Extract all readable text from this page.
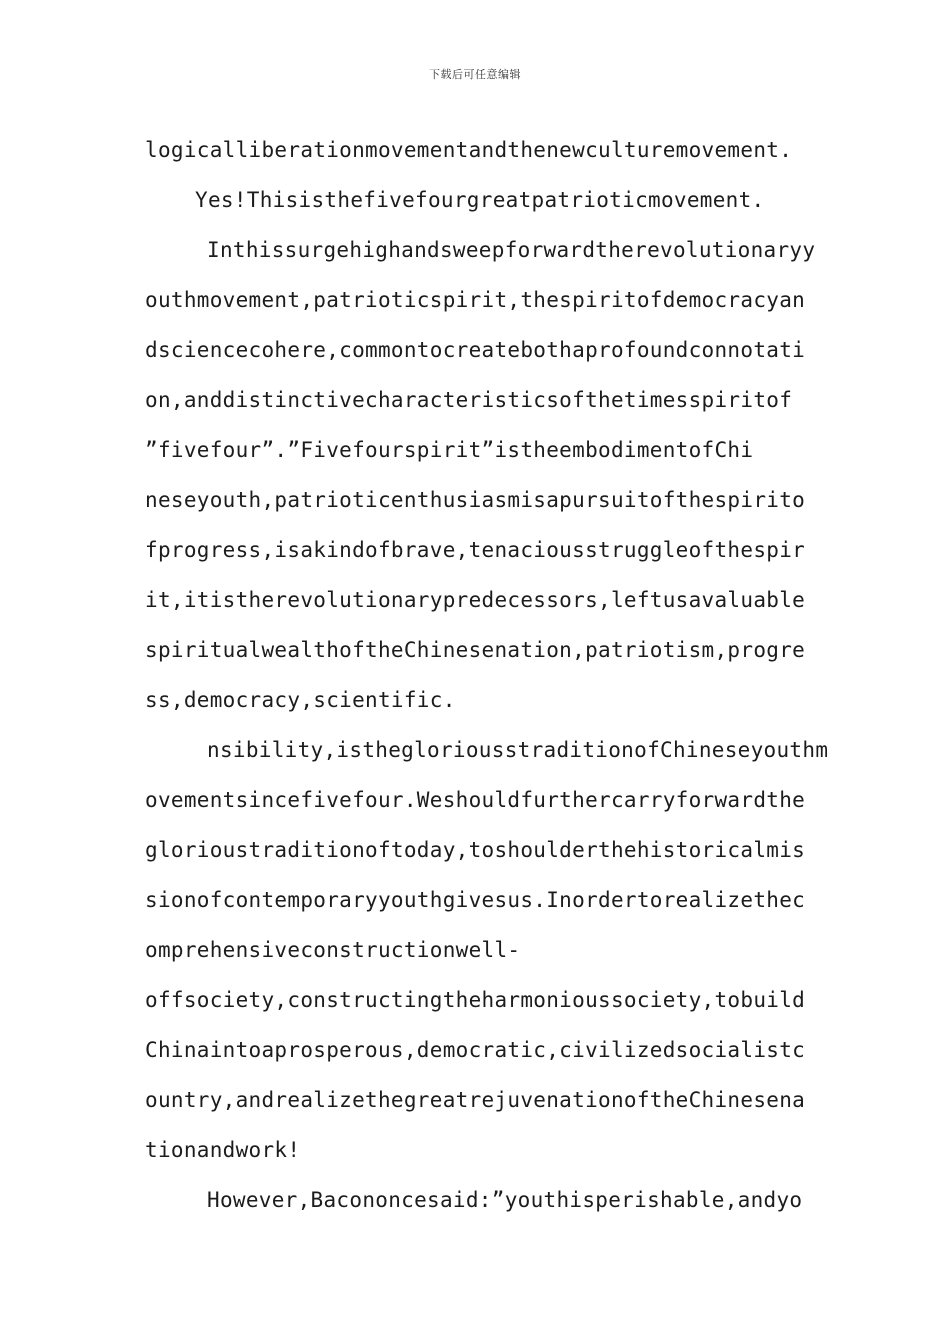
下载后可任意编辑
logicalliberationmovementandthenewculturemovement.
Yes!Thisisthefivefourgreatpatrioticmovement.
Inthissurgehighandsweepforwardtherevolutionaryy
outhmovement,patrioticspirit,thespiritofdemocracyan
dsciencecohere,commontocreatebothaprofoundconnotati
on,anddistinctivecharacteristicsofthetimesspiritof
”fivefour”.”Fivefourspirit”istheembodimentofChi
neseyouth,patrioticenthusiasmisapursuitofthespirito
fprogress,isakindofbrave,tenaciousstruggleofthespir
it,itistherevolutionarypredecessors,leftusavaluable
spiritualwealthoftheChinesenation,patriotism,progre
ss,democracy,scientific.
nsibility,isthegloriousstraditionofChineseyouthm
ovementsincefivefour.Weshouldfurthercarryforwardthe
glorioustraditionoftoday,toshoulderthehistoricalmis
sionofcontemporaryyouthgivesus.Inordertorealizethec
omprehensiveconstructionwell-
offsociety,constructingtheharmonioussociety,tobuild
Chinaintoaprosperous,democratic,civilizedsocialistc
ountry,andrealizethegreatrejuvenationoftheChinesena
tionandwork!
However,Bacononcesaid:”youthisperishable,andyo
